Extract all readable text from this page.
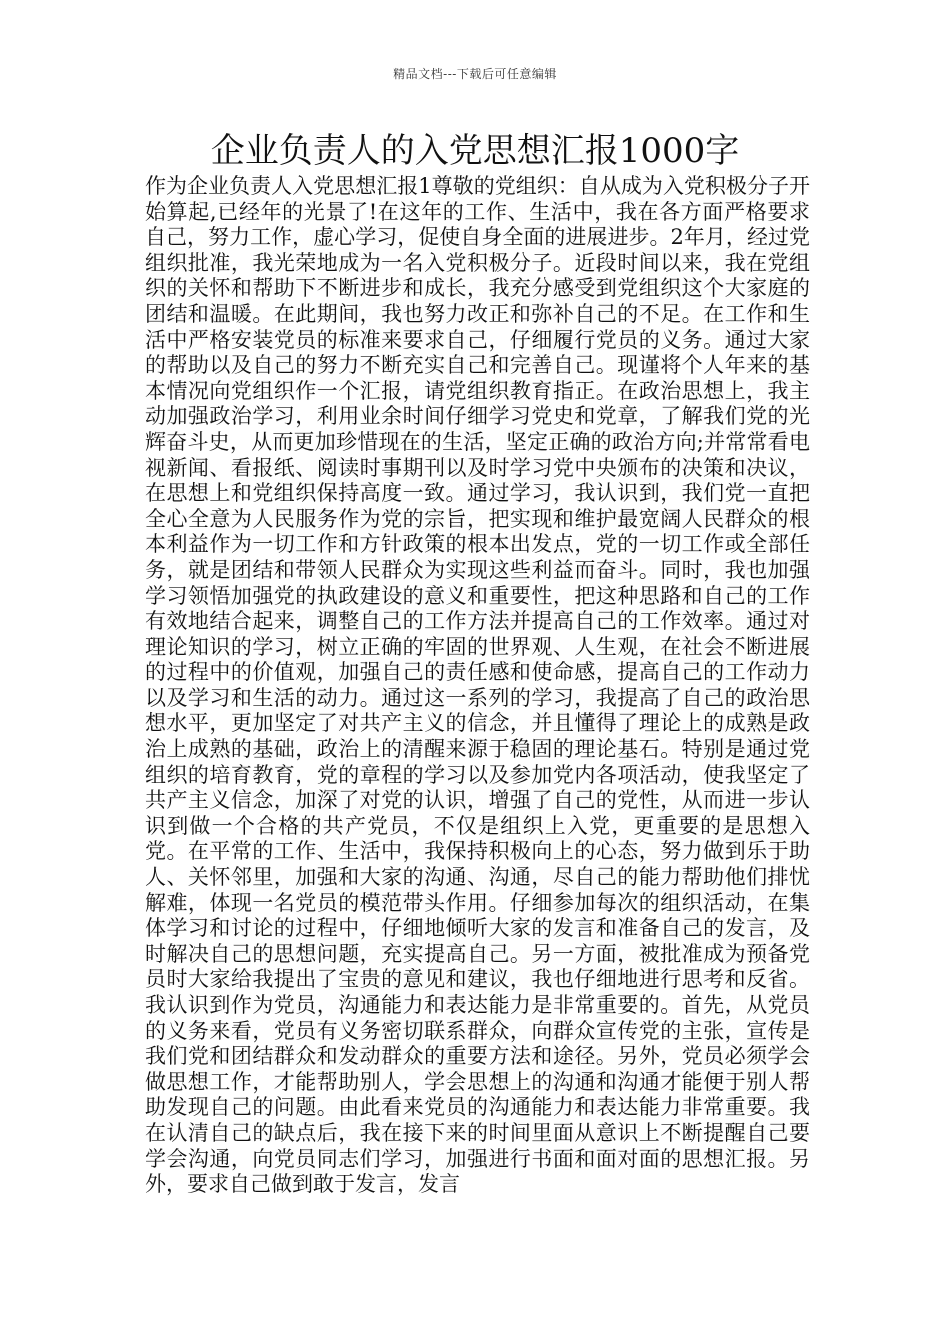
精品文档---下载后可任意编辑
企业负责人的入党思想汇报1000字

作为企业负责人入党思想汇报1尊敬的党组织：自从成为入党积极分子开始算起,已经年的光景了!在这年的工作、生活中，我在各方面严格要求自己，努力工作，虚心学习，促使自身全面的进展进步。2年月，经过党组织批准，我光荣地成为一名入党积极分子。近段时间以来，我在党组织的关怀和帮助下不断进步和成长，我充分感受到党组织这个大家庭的团结和温暖。在此期间，我也努力改正和弥补自己的不足。在工作和生活中严格安装党员的标准来要求自己，仔细履行党员的义务。通过大家的帮助以及自己的努力不断充实自己和完善自己。现谨将个人年来的基本情况向党组织作一个汇报，请党组织教育指正。在政治思想上，我主动加强政治学习，利用业余时间仔细学习党史和党章，了解我们党的光辉奋斗史，从而更加珍惜现在的生活，坚定正确的政治方向;并常常看电视新闻、看报纸、阅读时事期刊以及时学习党中央颁布的决策和决议，在思想上和党组织保持高度一致。通过学习，我认识到，我们党一直把全心全意为人民服务作为党的宗旨，把实现和维护最宽阔人民群众的根本利益作为一切工作和方针政策的根本出发点，党的一切工作或全部任务，就是团结和带领人民群众为实现这些利益而奋斗。同时，我也加强学习领悟加强党的执政建设的意义和重要性，把这种思路和自己的工作有效地结合起来，调整自己的工作方法并提高自己的工作效率。通过对理论知识的学习，树立正确的牢固的世界观、人生观，在社会不断进展的过程中的价值观，加强自己的责任感和使命感，提高自己的工作动力以及学习和生活的动力。通过这一系列的学习，我提高了自己的政治思想水平，更加坚定了对共产主义的信念，并且懂得了理论上的成熟是政治上成熟的基础，政治上的清醒来源于稳固的理论基石。特别是通过党组织的培育教育，党的章程的学习以及参加党内各项活动，使我坚定了共产主义信念，加深了对党的认识，增强了自己的党性，从而进一步认识到做一个合格的共产党员，不仅是组织上入党，更重要的是思想入党。在平常的工作、生活中，我保持积极向上的心态，努力做到乐于助人、关怀邻里，加强和大家的沟通、沟通，尽自己的能力帮助他们排忧解难，体现一名党员的模范带头作用。仔细参加每次的组织活动，在集体学习和讨论的过程中，仔细地倾听大家的发言和准备自己的发言，及时解决自己的思想问题，充实提高自己。另一方面，被批准成为预备党员时大家给我提出了宝贵的意见和建议，我也仔细地进行思考和反省。我认识到作为党员，沟通能力和表达能力是非常重要的。首先，从党员的义务来看，党员有义务密切联系群众，向群众宣传党的主张，宣传是我们党和团结群众和发动群众的重要方法和途径。另外，党员必须学会做思想工作，才能帮助别人，学会思想上的沟通和沟通才能便于别人帮助发现自己的问题。由此看来党员的沟通能力和表达能力非常重要。我在认清自己的缺点后，我在接下来的时间里面从意识上不断提醒自己要学会沟通，向党员同志们学习，加强进行书面和面对面的思想汇报。另外，要求自己做到敢于发言，发言
